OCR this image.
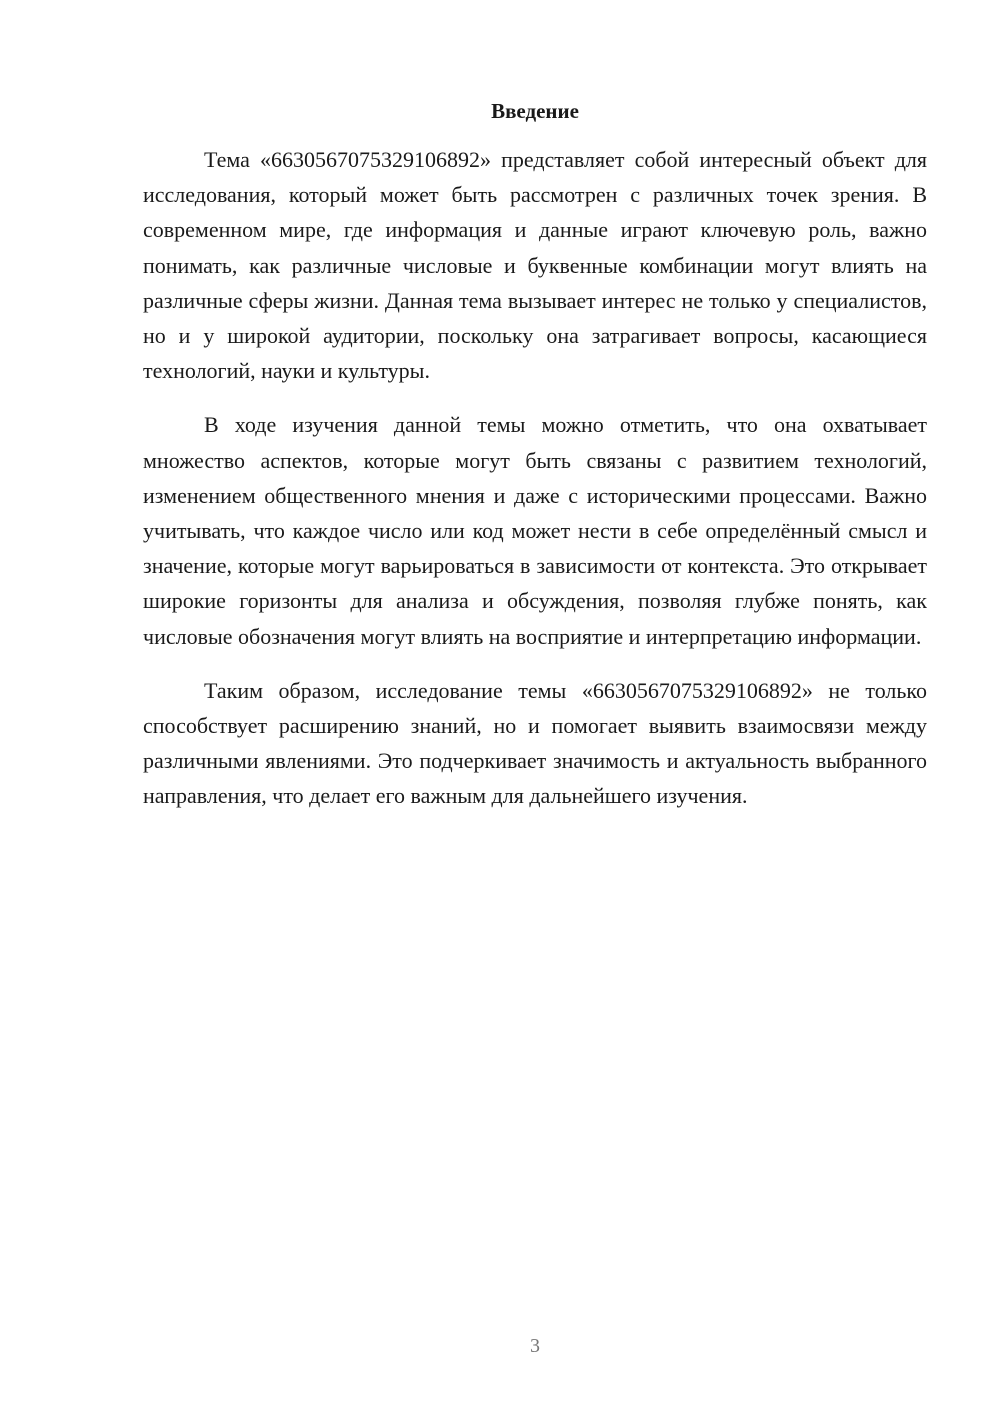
Введение

Тема «6630567075329106892» представляет собой интересный объект для исследования, который может быть рассмотрен с различных точек зрения. В современном мире, где информация и данные играют ключевую роль, важно понимать, как различные числовые и буквенные комбинации могут влиять на различные сферы жизни. Данная тема вызывает интерес не только у специалистов, но и у широкой аудитории, поскольку она затрагивает вопросы, касающиеся технологий, науки и культуры.

В ходе изучения данной темы можно отметить, что она охватывает множество аспектов, которые могут быть связаны с развитием технологий, изменением общественного мнения и даже с историческими процессами. Важно учитывать, что каждое число или код может нести в себе определённый смысл и значение, которые могут варьироваться в зависимости от контекста. Это открывает широкие горизонты для анализа и обсуждения, позволяя глубже понять, как числовые обозначения могут влиять на восприятие и интерпретацию информации.

Таким образом, исследование темы «6630567075329106892» не только способствует расширению знаний, но и помогает выявить взаимосвязи между различными явлениями. Это подчеркивает значимость и актуальность выбранного направления, что делает его важным для дальнейшего изучения.

3
